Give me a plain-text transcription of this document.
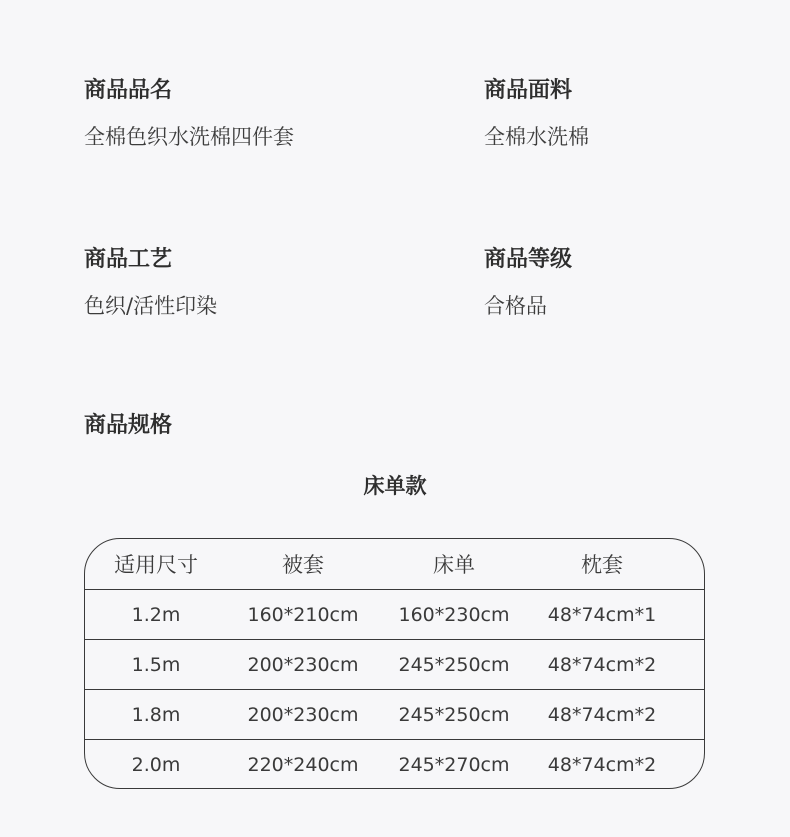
商品品名
全棉色织水洗棉四件套
商品面料
全棉水洗棉
商品工艺
色织/活性印染
商品等级
合格品
商品规格
床单款
适用尺寸	被套	床单	枕套
1.2m	160*210cm	160*230cm	48*74cm*1
1.5m	200*230cm	245*250cm	48*74cm*2
1.8m	200*230cm	245*250cm	48*74cm*2
2.0m	220*240cm	245*270cm	48*74cm*2
